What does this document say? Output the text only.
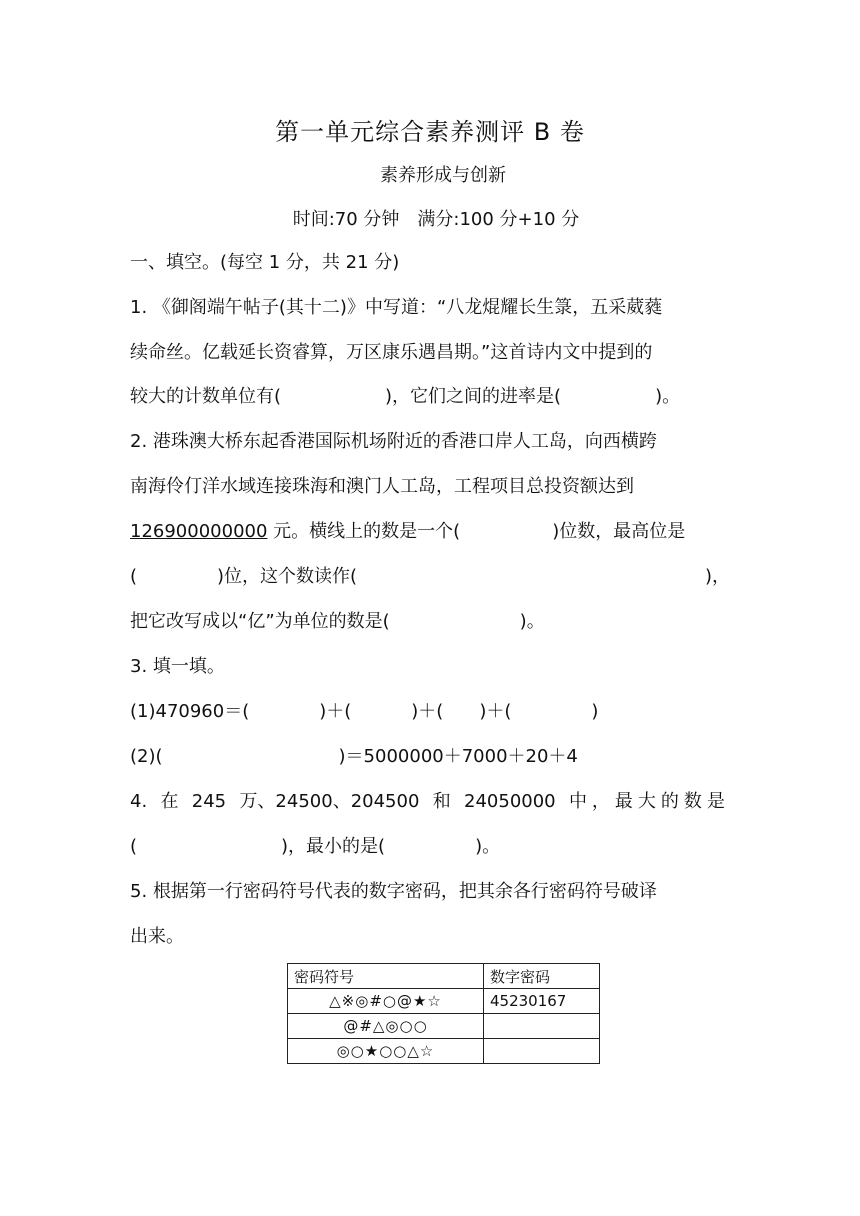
第一单元综合素养测评 B 卷
素养形成与创新
时间:70 分钟　满分:100 分+10 分
一、填空。(每空 1 分，共 21 分)
1. 《御阁端午帖子(其十二)》中写道：“八龙焜耀长生箓，五采葳蕤
续命丝。亿载延长资睿算，万区康乐遇昌期。”这首诗内文中提到的
较大的计数单位有(	)，它们之间的进率是(	)。
2. 港珠澳大桥东起香港国际机场附近的香港口岸人工岛，向西横跨
南海伶仃洋水域连接珠海和澳门人工岛，工程项目总投资额达到
126900000000 元。横线上的数是一个(	)位数，最高位是
(	)位，这个数读作(	)，
把它改写成以“亿”为单位的数是(	)。
3. 填一填。
(1)470960＝(	)＋(	)＋( )＋(	)
(2)(	)＝5000000＋7000＋20＋4
4. 在 245 万、24500、204500 和 24050000 中，最大的数是
(	)，最小的是(	)。
5. 根据第一行密码符号代表的数字密码，把其余各行密码符号破译
出来。
密码符号	数字密码
△※◎#○@★☆	45230167
@#△◎○○	
◎○★○○△☆	
